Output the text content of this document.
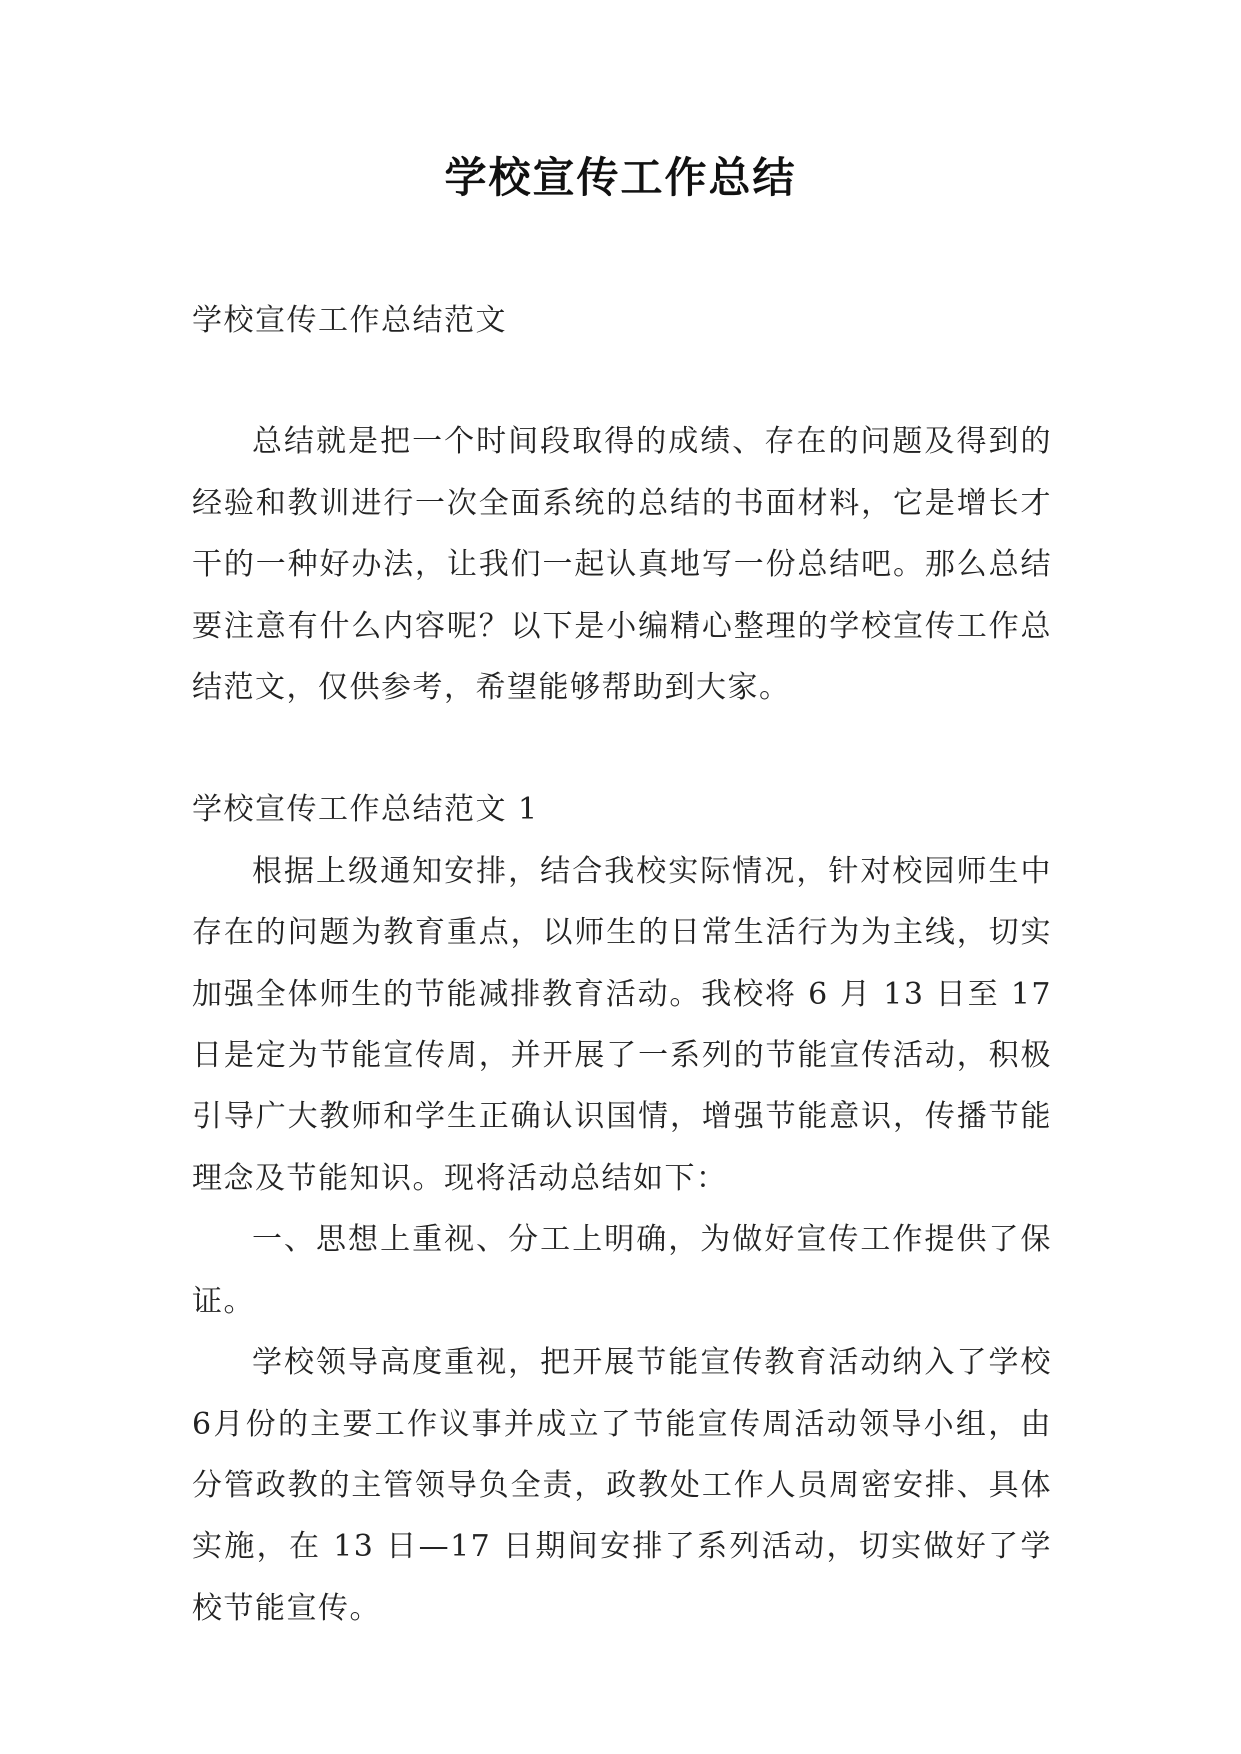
学校宣传工作总结

学校宣传工作总结范文

总结就是把一个时间段取得的成绩、存在的问题及得到的经验和教训进行一次全面系统的总结的书面材料，它是增长才干的一种好办法，让我们一起认真地写一份总结吧。那么总结要注意有什么内容呢？以下是小编精心整理的学校宣传工作总结范文，仅供参考，希望能够帮助到大家。

学校宣传工作总结范文 1

根据上级通知安排，结合我校实际情况，针对校园师生中存在的问题为教育重点，以师生的日常生活行为为主线，切实加强全体师生的节能减排教育活动。我校将 6 月 13 日至 17 日是定为节能宣传周，并开展了一系列的节能宣传活动，积极引导广大教师和学生正确认识国情，增强节能意识，传播节能理念及节能知识。现将活动总结如下：

一、思想上重视、分工上明确，为做好宣传工作提供了保证。

学校领导高度重视，把开展节能宣传教育活动纳入了学校6月份的主要工作议事并成立了节能宣传周活动领导小组，由分管政教的主管领导负全责，政教处工作人员周密安排、具体实施，在 13 日—17 日期间安排了系列活动，切实做好了学校节能宣传。
